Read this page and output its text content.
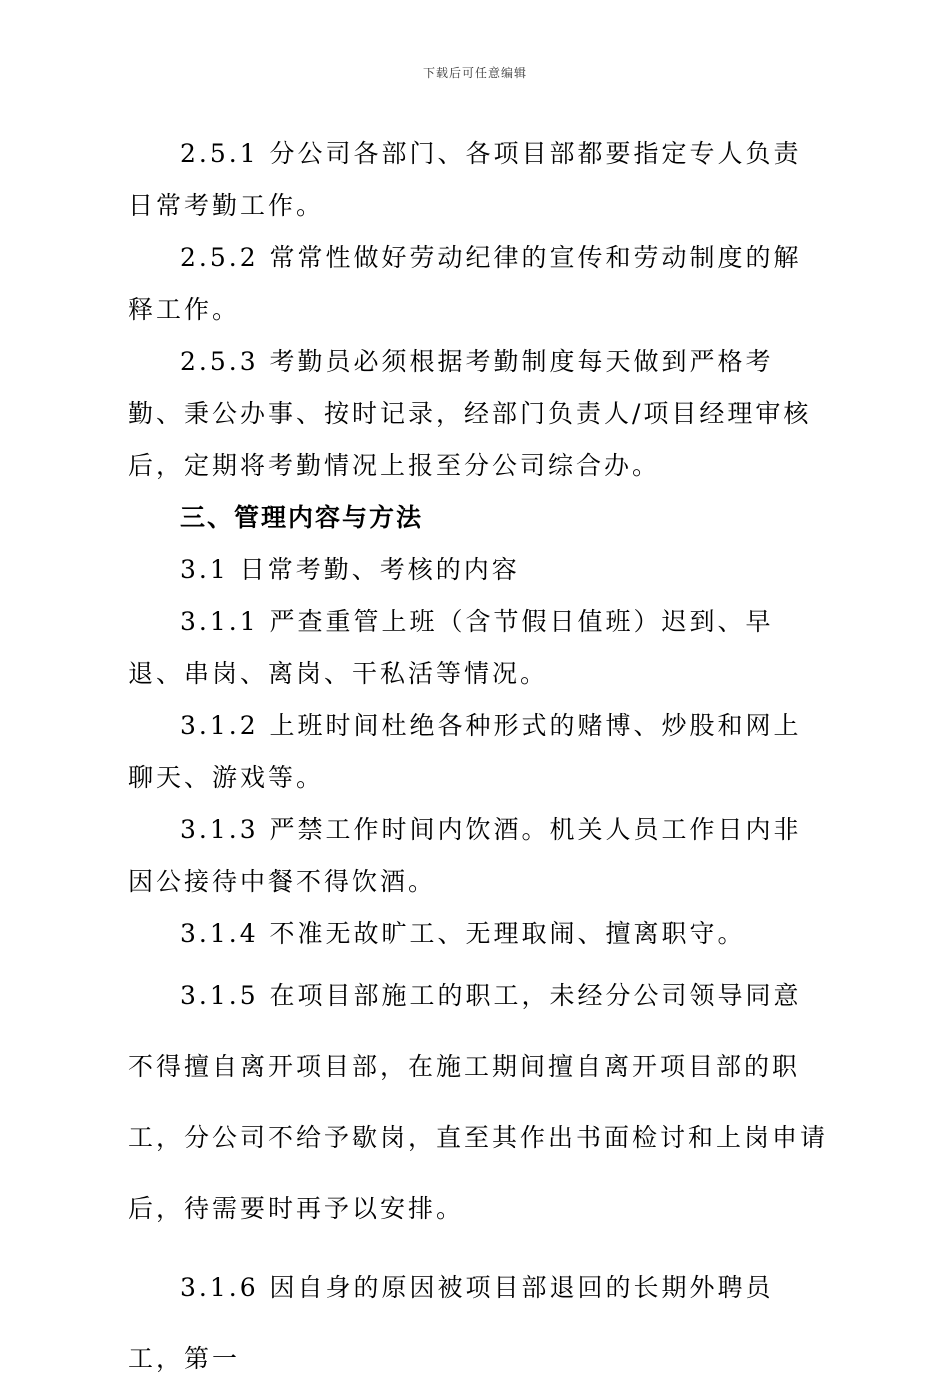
下载后可任意编辑

2.5.1 分公司各部门、各项目部都要指定专人负责日常考勤工作。

2.5.2 常常性做好劳动纪律的宣传和劳动制度的解释工作。

2.5.3 考勤员必须根据考勤制度每天做到严格考勤、秉公办事、按时记录，经部门负责人/项目经理审核后，定期将考勤情况上报至分公司综合办。

三、管理内容与方法

3.1 日常考勤、考核的内容

3.1.1 严查重管上班（含节假日值班）迟到、早退、串岗、离岗、干私活等情况。

3.1.2 上班时间杜绝各种形式的赌博、炒股和网上聊天、游戏等。

3.1.3 严禁工作时间内饮酒。机关人员工作日内非因公接待中餐不得饮酒。

3.1.4 不准无故旷工、无理取闹、擅离职守。

3.1.5 在项目部施工的职工，未经分公司领导同意不得擅自离开项目部，在施工期间擅自离开项目部的职工，分公司不给予歇岗，直至其作出书面检讨和上岗申请后，待需要时再予以安排。

3.1.6 因自身的原因被项目部退回的长期外聘员工，第一
